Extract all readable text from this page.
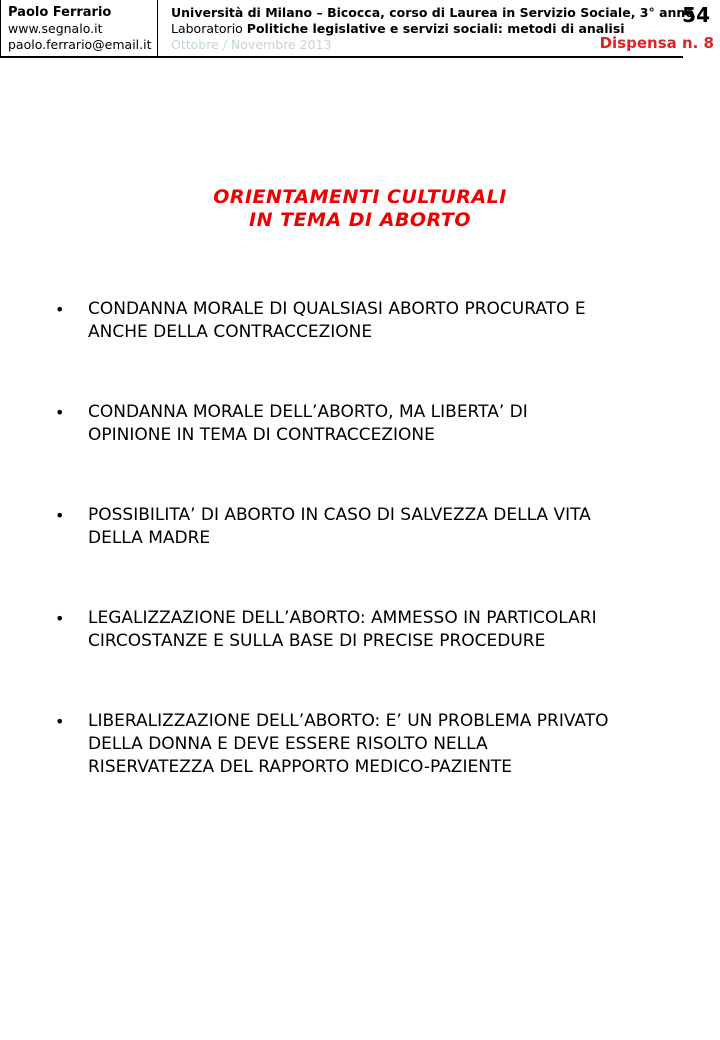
Paolo Ferrario
www.segnalo.it
paolo.ferrario@email.it
Università di Milano – Bicocca, corso di Laurea in Servizio Sociale, 3° anno
Laboratorio Politiche legislative e servizi sociali: metodi di analisi
Ottobre / Novembre 2013
54
Dispensa n. 8
ORIENTAMENTI CULTURALI
IN TEMA DI ABORTO
•	CONDANNA MORALE DI QUALSIASI ABORTO PROCURATO E
ANCHE DELLA CONTRACCEZIONE
•	CONDANNA MORALE DELL’ABORTO, MA LIBERTA’ DI
OPINIONE IN TEMA DI CONTRACCEZIONE
•	POSSIBILITA’ DI ABORTO IN CASO DI SALVEZZA DELLA VITA
DELLA MADRE
•	LEGALIZZAZIONE DELL’ABORTO: AMMESSO IN PARTICOLARI
CIRCOSTANZE E SULLA BASE DI PRECISE PROCEDURE
•	LIBERALIZZAZIONE DELL’ABORTO: E’ UN PROBLEMA PRIVATO
DELLA DONNA E DEVE ESSERE RISOLTO NELLA
RISERVATEZZA DEL RAPPORTO MEDICO-PAZIENTE
